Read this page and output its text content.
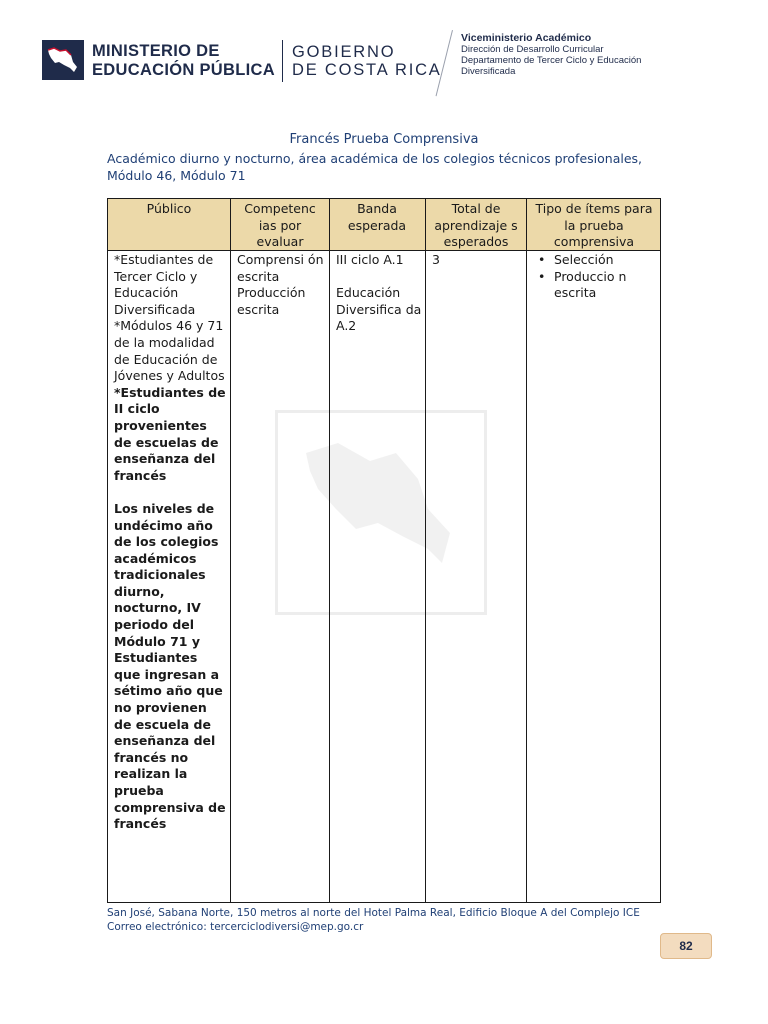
MINISTERIO DE
EDUCACIÓN PÚBLICA
GOBIERNO
DE COSTA RICA
Viceministerio Académico
Dirección de Desarrollo Curricular
Departamento de Tercer Ciclo y Educación
Diversificada
Francés Prueba Comprensiva
Académico diurno y nocturno, área académica de los colegios técnicos profesionales, Módulo 46, Módulo 71
Público	Competenc ias por evaluar
Banda esperada
Total de aprendizaje s esperados
Tipo de ítems para la prueba comprensiva

*Estudiantes de Tercer Ciclo y Educación Diversificada *Módulos 46 y 71 de la modalidad de Educación de Jóvenes y Adultos

*Estudiantes de II ciclo provenientes de escuelas de enseñanza del francés

Los niveles de undécimo año de los colegios académicos tradicionales diurno, nocturno, IV periodo del Módulo 71 y Estudiantes que ingresan a sétimo año que no provienen de escuela de enseñanza del francés no realizan la prueba comprensiva de francés

Comprensi ón escrita Producción escrita

III ciclo A.1

Educación Diversifica da A.2

3

•	Selección
• Produccio n escrita
San José, Sabana Norte, 150 metros al norte del Hotel Palma Real, Edificio Bloque A del Complejo ICE
Correo electrónico: tercerciclodiversi@mep.go.cr
82
